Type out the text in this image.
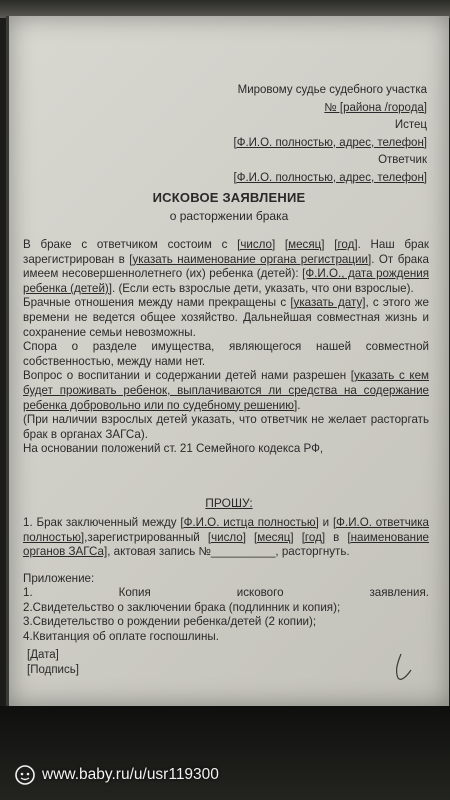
Мировому судье судебного участка
№ [района /города]
Истец
[Ф.И.О. полностью, адрес, телефон]
Ответчик
[Ф.И.О. полностью, адрес, телефон]
ИСКОВОЕ ЗАЯВЛЕНИЕ
о расторжении брака
В браке с ответчиком состоим с [число] [месяц] [год]. Наш брак зарегистрирован в [указать наименование органа регистрации]. От брака имеем несовершеннолетнего (их) ребенка (детей): [Ф.И.О., дата рождения ребенка (детей)]. (Если есть взрослые дети, указать, что они взрослые).
Брачные отношения между нами прекращены с [указать дату], с этого же времени не ведется общее хозяйство. Дальнейшая совместная жизнь и сохранение семьи невозможны.
Спора о разделе имущества, являющегося нашей совместной собственностью, между нами нет.
Вопрос о воспитании и содержании детей нами разрешен [указать с кем будет проживать ребенок, выплачиваются ли средства на содержание ребенка добровольно или по судебному решению].
(При наличии взрослых детей указать, что ответчик не желает расторгать брак в органах ЗАГСа).
На основании положений ст. 21 Семейного кодекса РФ,
ПРОШУ:
1. Брак заключенный между [Ф.И.О. истца полностью] и [Ф.И.О. ответчика полностью],зарегистрированный [число] [месяц] [год] в [наименование органов ЗАГСа], актовая запись №__________, расторгнуть.
Приложение:
1.	Копия	искового	заявления.
2.Свидетельство о заключении брака (подлинник и копия);
3.Свидетельство о рождении ребенка/детей (2 копии);
4.Квитанция об оплате госпошлины.
[Дата]
[Подпись]
www.baby.ru/u/usr119300
